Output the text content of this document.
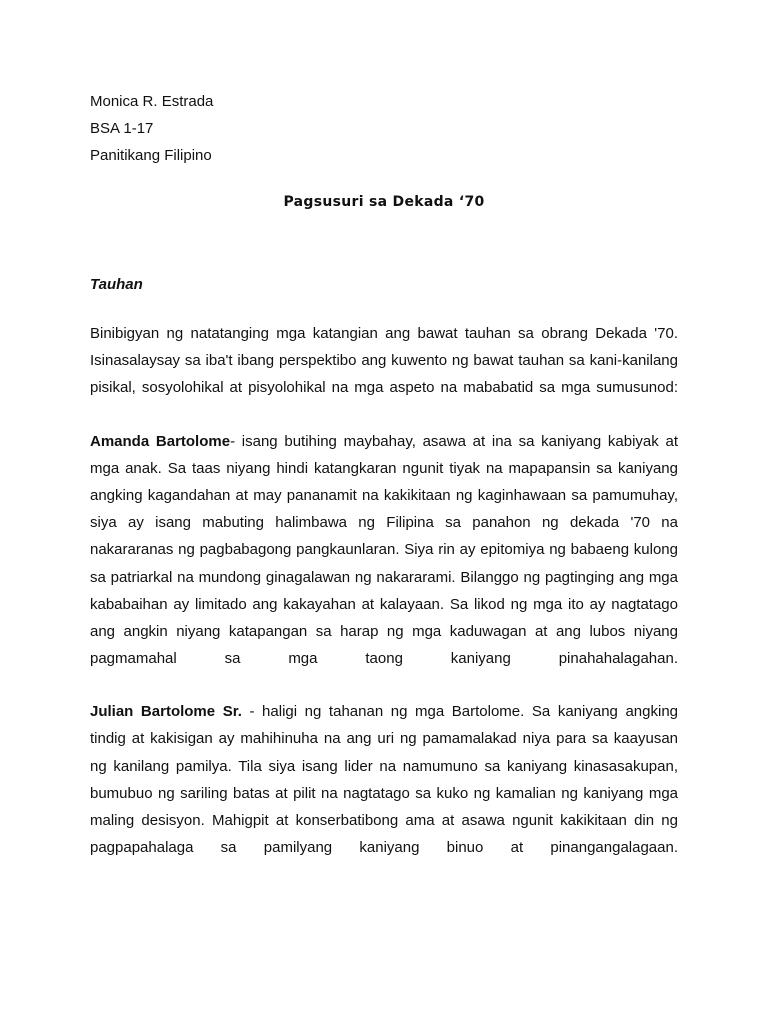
Monica R. Estrada
BSA 1-17
Panitikang Filipino
Pagsusuri sa Dekada ‘70
Tauhan
Binibigyan ng natatanging mga katangian ang bawat tauhan sa obrang Dekada '70.
Isinasalaysay sa iba't ibang perspektibo ang kuwento ng bawat tauhan sa kani-kanilang
pisikal, sosyolohikal at pisyolohikal na mga aspeto na mababatid sa mga sumusunod:
Amanda Bartolome- isang butihing maybahay, asawa at ina sa kaniyang kabiyak at
mga anak. Sa taas niyang hindi katangkaran ngunit tiyak na mapapansin sa kaniyang
angking kagandahan at may pananamit na kakikitaan ng kaginhawaan sa pamumuhay,
siya ay isang mabuting halimbawa ng Filipina sa panahon ng dekada '70 na
nakararanas ng pagbabagong pangkaunlaran. Siya rin ay epitomiya ng babaeng kulong
sa patriarkal na mundong ginagalawan ng nakararami. Bilanggo ng pagtinging ang mga
kababaihan ay limitado ang kakayahan at kalayaan. Sa likod ng mga ito ay nagtatago
ang angkin niyang katapangan sa harap ng mga kaduwagan at ang lubos niyang
pagmamahal sa mga taong kaniyang pinahahalagahan.
Julian Bartolome Sr. - haligi ng tahanan ng mga Bartolome. Sa kaniyang angking
tindig at kakisigan ay mahihinuha na ang uri ng pamamalakad niya para sa kaayusan
ng kanilang pamilya. Tila siya isang lider na namumuno sa kaniyang kinasasakupan,
bumubuo ng sariling batas at pilit na nagtatago sa kuko ng kamalian ng kaniyang mga
maling desisyon. Mahigpit at konserbatibong ama at asawa ngunit kakikitaan din ng
pagpapahalaga sa pamilyang kaniyang binuo at pinangangalagaan.
